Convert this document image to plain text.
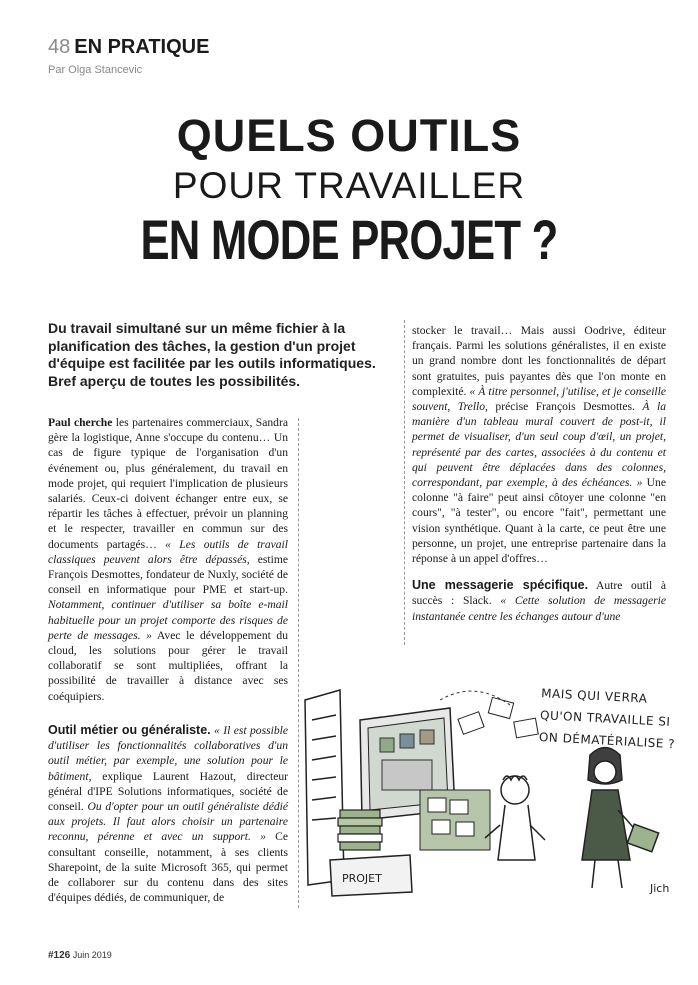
48 EN PRATIQUE
Par Olga Stancevic
QUELS OUTILS
POUR TRAVAILLER
EN MODE PROJET ?
Du travail simultané sur un même fichier à la planification des tâches, la gestion d'un projet d'équipe est facilitée par les outils informatiques. Bref aperçu de toutes les possibilités.

Paul cherche les partenaires commerciaux, Sandra gère la logistique, Anne s'occupe du contenu… Un cas de figure typique de l'organisation d'un événement ou, plus généralement, du travail en mode projet, qui requiert l'implication de plusieurs salariés. Ceux-ci doivent échanger entre eux, se répartir les tâches à effectuer, prévoir un planning et le respecter, travailler en commun sur des documents partagés… « Les outils de travail classiques peuvent alors être dépassés, estime François Desmottes, fondateur de Nuxly, société de conseil en informatique pour PME et start-up. Notamment, continuer d'utiliser sa boîte e-mail habituelle pour un projet comporte des risques de perte de messages. » Avec le développement du cloud, les solutions pour gérer le travail collaboratif se sont multipliées, offrant la possibilité de travailler à distance avec ses coéquipiers.

Outil métier ou généraliste. « Il est possible d'utiliser les fonctionnalités collaboratives d'un outil métier, par exemple, une solution pour le bâtiment, explique Laurent Hazout, directeur général d'IPE Solutions informatiques, société de conseil. Ou d'opter pour un outil généraliste dédié aux projets. Il faut alors choisir un partenaire reconnu, pérenne et avec un support. » Ce consultant conseille, notamment, à ses clients Sharepoint, de la suite Microsoft 365, qui permet de collaborer sur du contenu dans des sites d'équipes dédiés, de communiquer, de

stocker le travail… Mais aussi Oodrive, éditeur français. Parmi les solutions généralistes, il en existe un grand nombre dont les fonctionnalités de départ sont gratuites, puis payantes dès que l'on monte en complexité. « À titre personnel, j'utilise, et je conseille souvent, Trello, précise François Desmottes. À la manière d'un tableau mural couvert de post-it, il permet de visualiser, d'un seul coup d'œil, un projet, représenté par des cartes, associées à du contenu et qui peuvent être déplacées dans des colonnes, correspondant, par exemple, à des échéances. » Une colonne "à faire" peut ainsi côtoyer une colonne "en cours", "à tester", ou encore "fait", permettant une vision synthétique. Quant à la carte, ce peut être une personne, un projet, une entreprise partenaire dans la réponse à un appel d'offres…

Une messagerie spécifique. Autre outil à succès : Slack. « Cette solution de messagerie instantanée centre les échanges autour d'une

PROJET
Jich
MAIS QUI VERRA QU'ON TRAVAILLE SI ON DÉMATÉRIALISE ?
#126 Juin 2019
